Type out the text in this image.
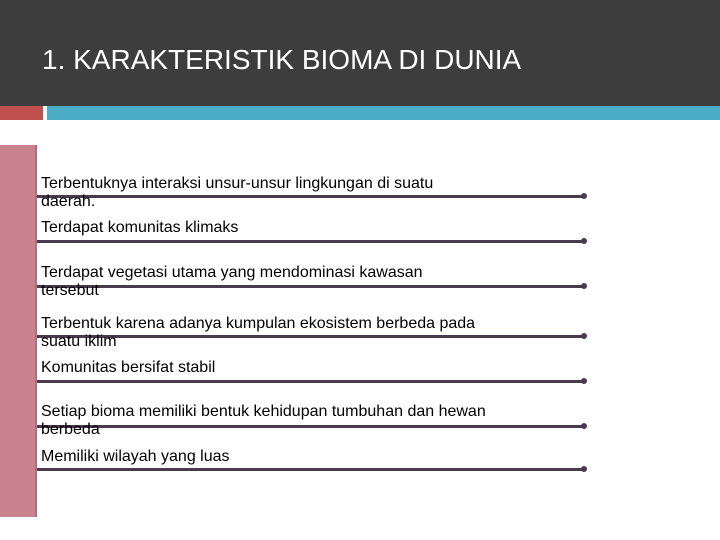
1. KARAKTERISTIK BIOMA DI DUNIA
Terbentuknya interaksi unsur-unsur lingkungan di suatu
daerah.
Terdapat komunitas klimaks
Terdapat vegetasi utama yang mendominasi kawasan
tersebut
Terbentuk karena adanya kumpulan ekosistem berbeda pada
suatu iklim
Komunitas bersifat stabil
Setiap bioma memiliki bentuk kehidupan tumbuhan dan hewan
berbeda
Memiliki wilayah yang luas
